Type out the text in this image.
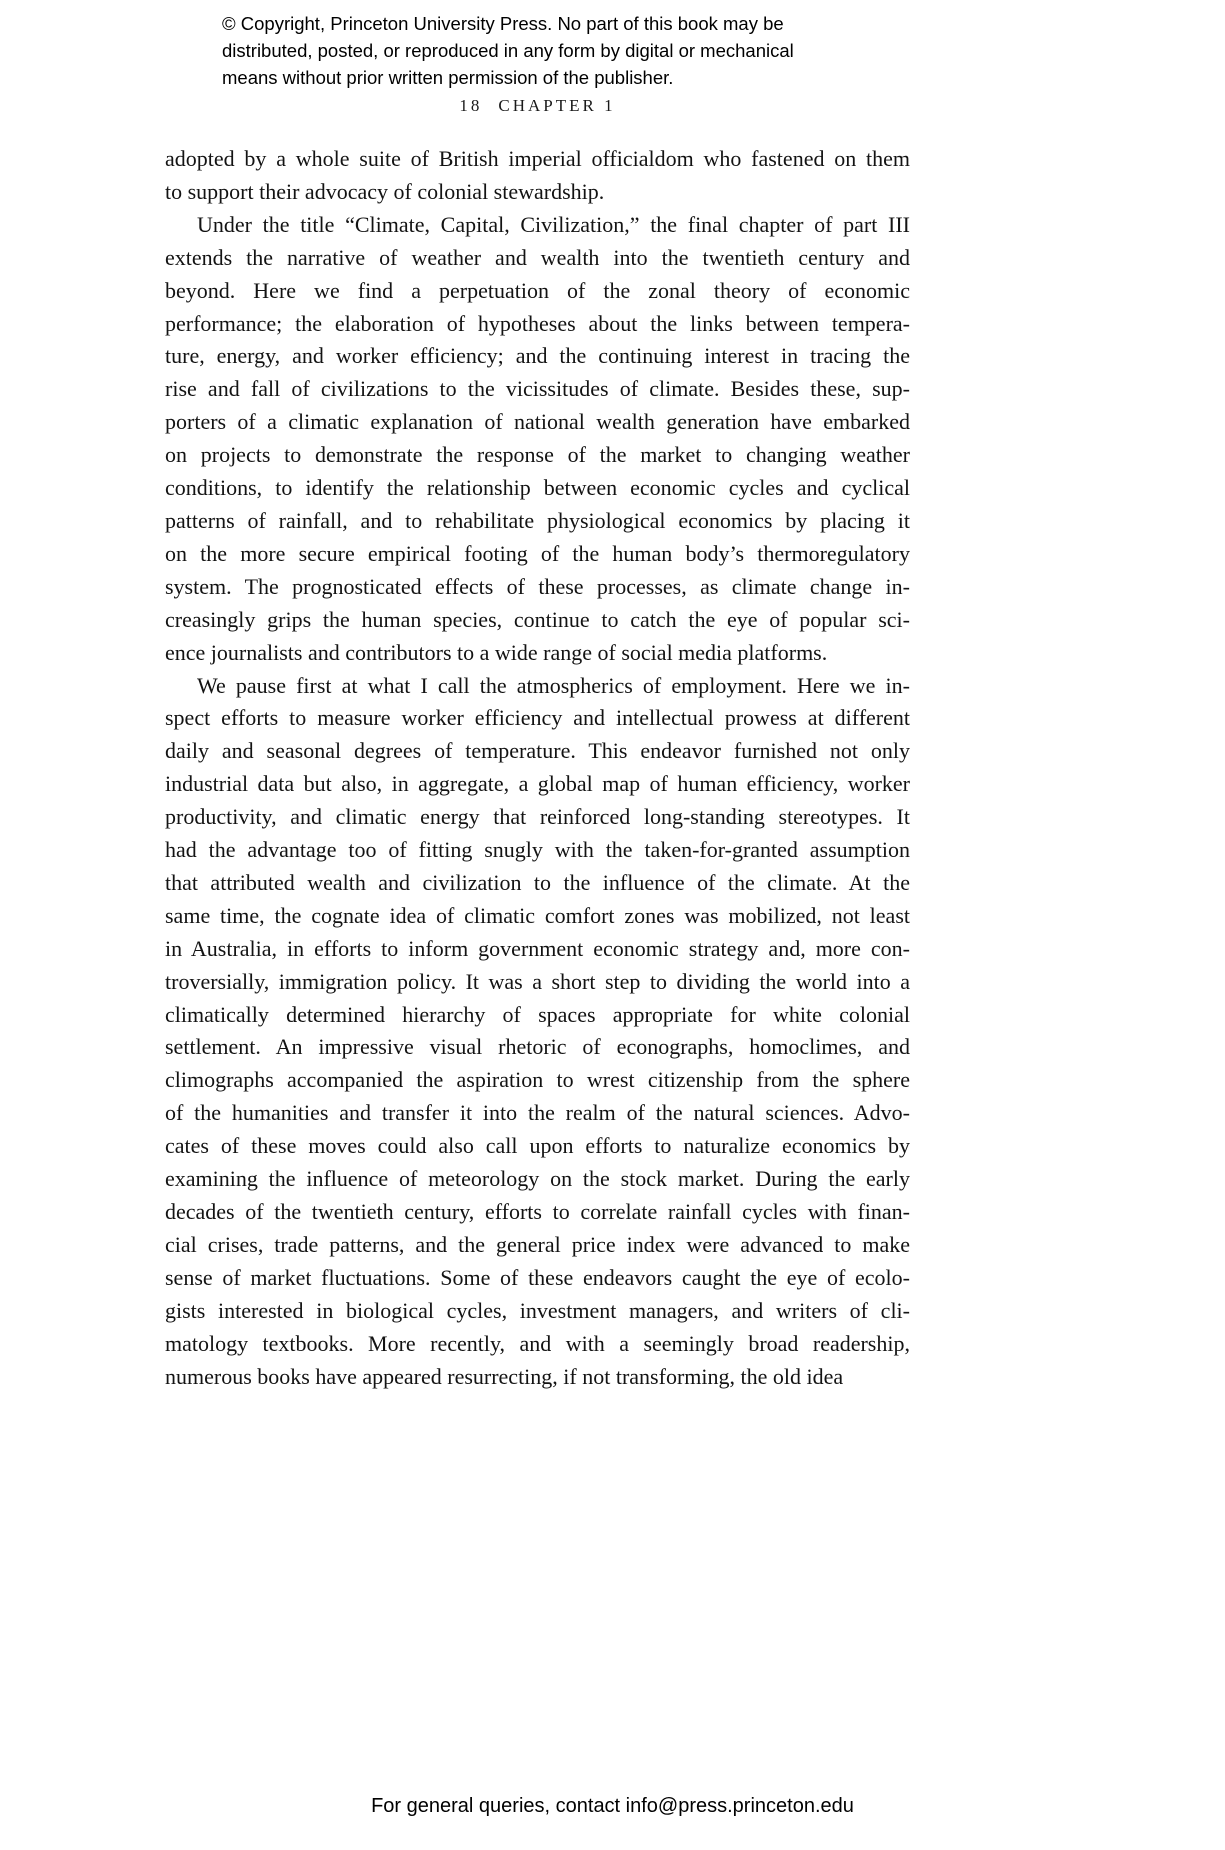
© Copyright, Princeton University Press. No part of this book may be
distributed, posted, or reproduced in any form by digital or mechanical
means without prior written permission of the publisher.
18 CHAPTER 1
adopted by a whole suite of British imperial officialdom who fastened on them
to support their advocacy of colonial stewardship.
Under the title “Climate, Capital, Civilization,” the final chapter of part III
extends the narrative of weather and wealth into the twentieth century and
beyond. Here we find a perpetuation of the zonal theory of economic
performance; the elaboration of hypotheses about the links between tempera-
ture, energy, and worker efficiency; and the continuing interest in tracing the
rise and fall of civilizations to the vicissitudes of climate. Besides these, sup-
porters of a climatic explanation of national wealth generation have embarked
on projects to demonstrate the response of the market to changing weather
conditions, to identify the relationship between economic cycles and cyclical
patterns of rainfall, and to rehabilitate physiological economics by placing it
on the more secure empirical footing of the human body’s thermoregulatory
system. The prognosticated effects of these processes, as climate change in-
creasingly grips the human species, continue to catch the eye of popular sci-
ence journalists and contributors to a wide range of social media platforms.
We pause first at what I call the atmospherics of employment. Here we in-
spect efforts to measure worker efficiency and intellectual prowess at different
daily and seasonal degrees of temperature. This endeavor furnished not only
industrial data but also, in aggregate, a global map of human efficiency, worker
productivity, and climatic energy that reinforced long-standing stereotypes. It
had the advantage too of fitting snugly with the taken-for-granted assumption
that attributed wealth and civilization to the influence of the climate. At the
same time, the cognate idea of climatic comfort zones was mobilized, not least
in Australia, in efforts to inform government economic strategy and, more con-
troversially, immigration policy. It was a short step to dividing the world into a
climatically determined hierarchy of spaces appropriate for white colonial
settlement. An impressive visual rhetoric of econographs, homoclimes, and
climographs accompanied the aspiration to wrest citizenship from the sphere
of the humanities and transfer it into the realm of the natural sciences. Advo-
cates of these moves could also call upon efforts to naturalize economics by
examining the influence of meteorology on the stock market. During the early
decades of the twentieth century, efforts to correlate rainfall cycles with finan-
cial crises, trade patterns, and the general price index were advanced to make
sense of market fluctuations. Some of these endeavors caught the eye of ecolo-
gists interested in biological cycles, investment managers, and writers of cli-
matology textbooks. More recently, and with a seemingly broad readership,
numerous books have appeared resurrecting, if not transforming, the old idea
For general queries, contact info@press.princeton.edu
